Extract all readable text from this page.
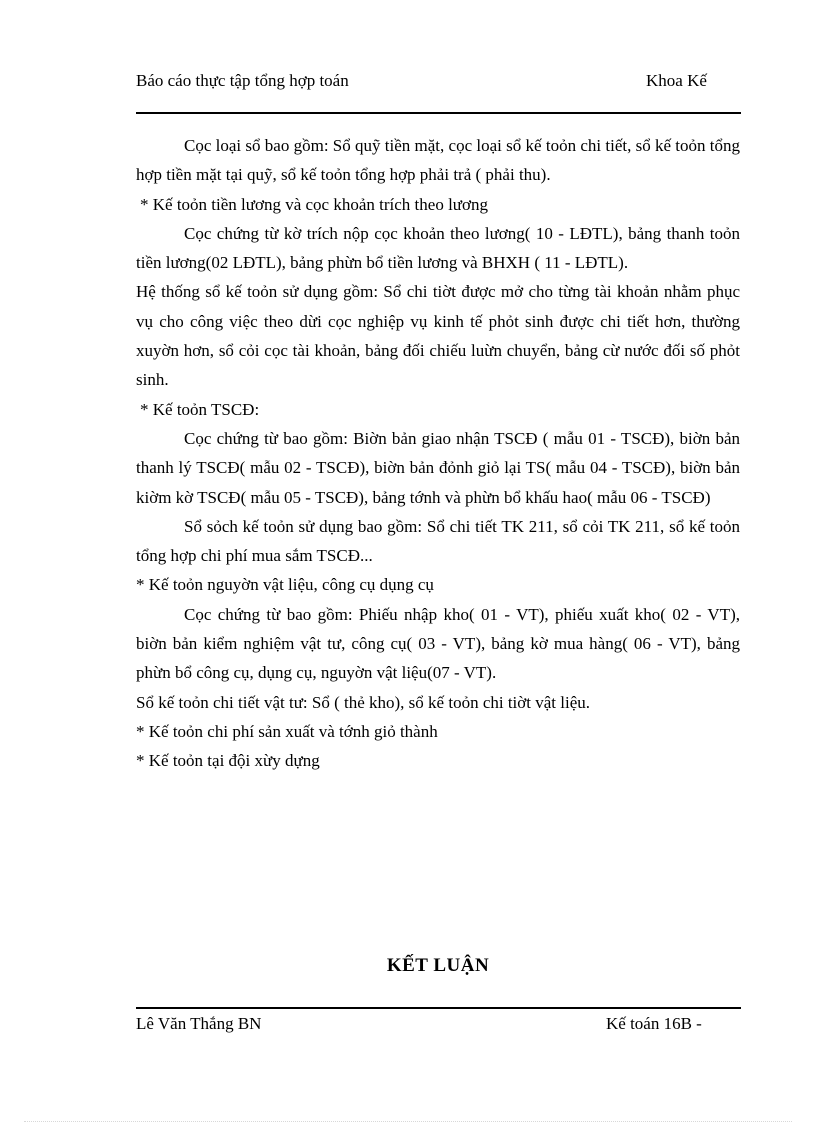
Báo cáo thực tập tổng hợp toán	Khoa Kế

Cọc loại sổ bao gồm: Sổ quỹ tiền mặt, cọc loại sổ kế toỏn chi tiết, sổ kế toỏn tổng hợp tiền mặt tại quỹ, sổ kế toỏn tổng hợp phải trả ( phải thu).

* Kế toỏn tiền lương và cọc khoản trích theo lương

Cọc chứng từ kờ trích nộp cọc khoản theo lương( 10 - LĐTL), bảng thanh toỏn tiền lương(02 LĐTL), bảng phừn bổ tiền lương và BHXH ( 11 - LĐTL).

Hệ thống sổ kế toỏn sử dụng gồm: Sổ chi tiờt được mở cho từng tài khoản nhằm phục vụ cho công việc theo dừi cọc nghiệp vụ kinh tế phỏt sinh được chi tiết hơn, thường xuyờn hơn, sổ cỏi cọc tài khoản, bảng đối chiếu luừn chuyển, bảng cừ nước đối số phỏt sinh.

* Kế toỏn TSCĐ:

Cọc chứng từ bao gồm: Biờn bản giao nhận TSCĐ ( mẫu 01 - TSCĐ), biờn bản thanh lý TSCĐ( mẫu 02 - TSCĐ), biờn bản đỏnh giỏ lại TS( mẫu 04 - TSCĐ), biờn bản kiờm kờ TSCĐ( mẫu 05 - TSCĐ), bảng tớnh và phừn bổ khấu hao( mẫu 06 - TSCĐ)

Sổ sỏch kế toỏn sử dụng bao gồm: Sổ chi tiết TK 211, sổ cỏi TK 211, sổ kế toỏn tổng hợp chi phí mua sắm TSCĐ...

* Kế toỏn nguyờn vật liệu, công cụ dụng cụ

Cọc chứng từ bao gồm: Phiếu nhập kho( 01 - VT), phiếu xuất kho( 02 - VT), biờn bản kiểm nghiệm vật tư, công cụ( 03 - VT), bảng kờ mua hàng( 06 - VT), bảng phừn bổ công cụ, dụng cụ, nguyờn vật liệu(07 - VT).

Sổ kế toỏn chi tiết vật tư: Sổ ( thẻ kho), sổ kế toỏn chi tiờt vật liệu.

* Kế toỏn chi phí sản xuất và tớnh giỏ thành

* Kế toỏn tại đội xừy dựng

KẾT LUẬN
Lê Văn Thắng BN	Kế toán 16B -
